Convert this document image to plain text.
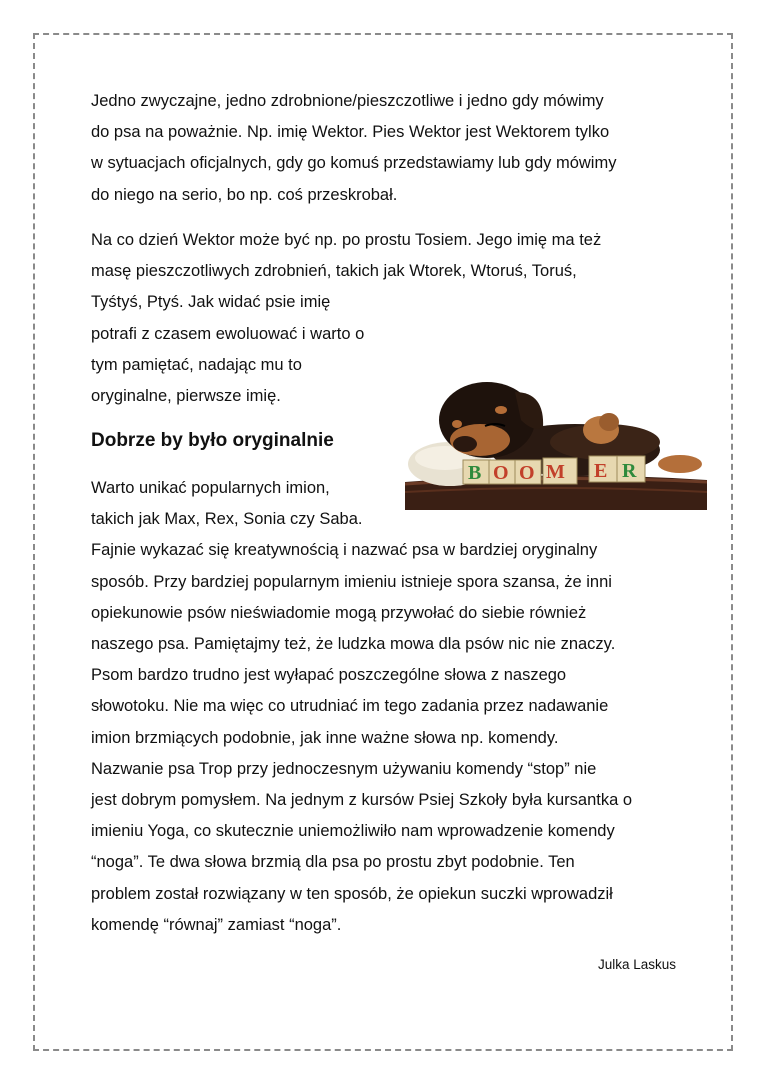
Jedno zwyczajne, jedno zdrobnione/pieszczotliwe i jedno gdy mówimy
do psa na poważnie. Np. imię Wektor. Pies Wektor jest Wektorem tylko
w sytuacjach oficjalnych, gdy go komuś przedstawiamy lub gdy mówimy
do niego na serio, bo np. coś przeskrobał.
Na co dzień Wektor może być np. po prostu Tosiem. Jego imię ma też
masę pieszczotliwych zdrobnień, takich jak Wtorek, Wtoruś, Toruś,
Tyśtyś, Ptyś. Jak widać psie imię
potrafi z czasem ewoluować i warto o
tym pamiętać, nadając mu to
oryginalne, pierwsze imię.
Dobrze by było oryginalnie
Warto unikać popularnych imion,
takich jak Max, Rex, Sonia czy Saba.
Fajnie wykazać się kreatywnością i nazwać psa w bardziej oryginalny
sposób. Przy bardziej popularnym imieniu istnieje spora szansa, że inni
opiekunowie psów nieświadomie mogą przywołać do siebie również
naszego psa. Pamiętajmy też, że ludzka mowa dla psów nic nie znaczy.
Psom bardzo trudno jest wyłapać poszczególne słowa z naszego
słowotoku. Nie ma więc co utrudniać im tego zadania przez nadawanie
imion brzmiących podobnie, jak inne ważne słowa np. komendy.
Nazwanie psa Trop przy jednoczesnym używaniu komendy “stop” nie
jest dobrym pomysłem. Na jednym z kursów Psiej Szkoły była kursantka o
imieniu Yoga, co skutecznie uniemożliwiło nam wprowadzenie komendy
“noga”. Te dwa słowa brzmią dla psa po prostu zbyt podobnie. Ten
problem został rozwiązany w ten sposób, że opiekun suczki wprowadził
komendę “równaj” zamiast “noga”.
B O O M E R
Julka Laskus
